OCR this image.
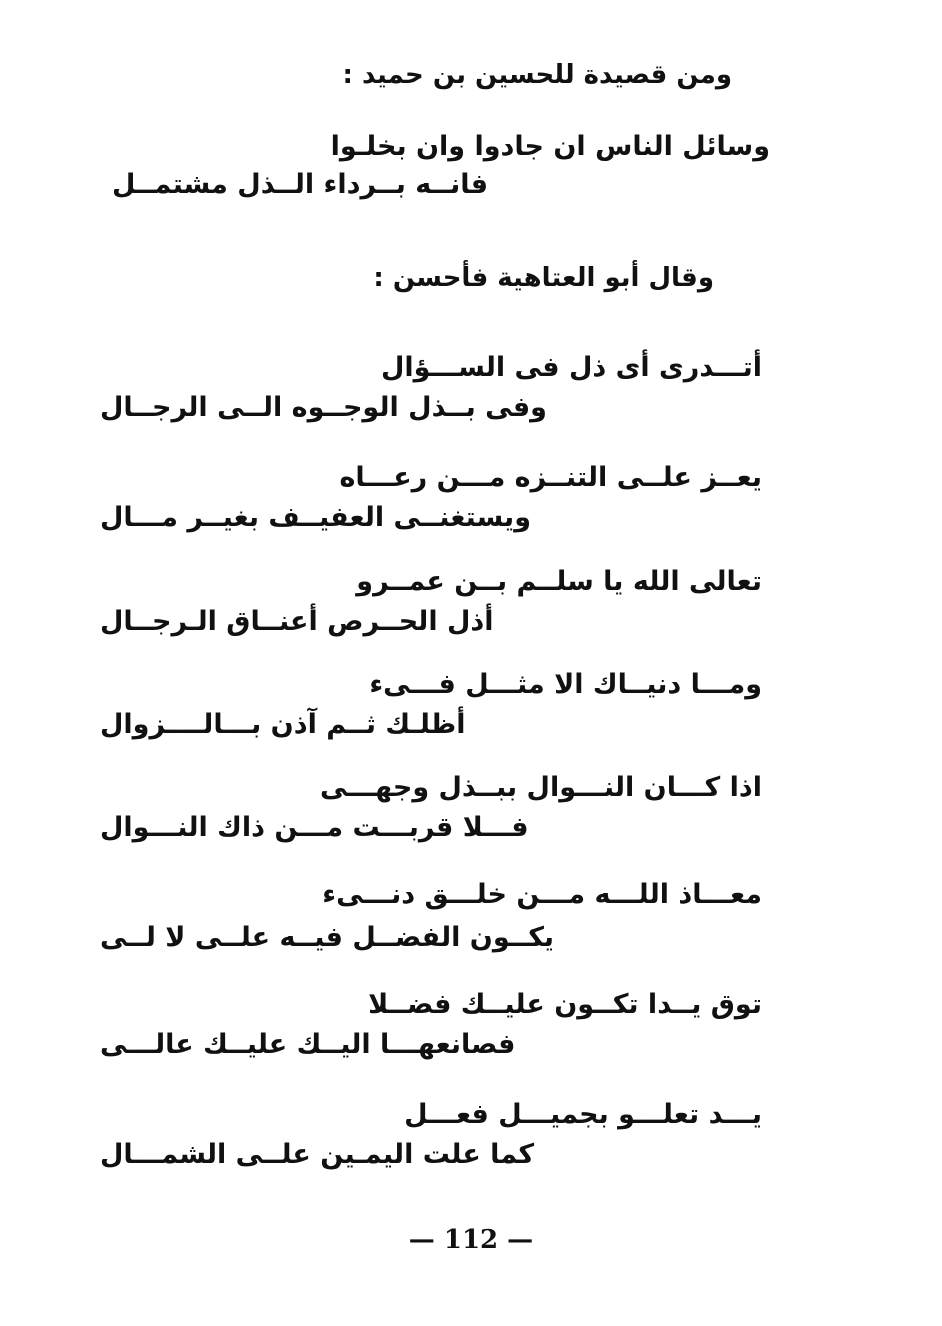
ومن قصيدة للحسين بن حميد :
وسائل الناس ان جادوا وان بخلـوا
فانــه بــرداء الــذل مشتمــل
وقال أبو العتاهية فأحسن :
أتـــدرى أى ذل فى الســـؤال
وفى بــذل الوجــوه الــى الرجــال
يعــز علــى التنــزه مـــن رعـــاه
ويستغنــى العفيــف بغيــر مـــال
تعالى الله يا سلــم بــن عمــرو
أذل الحــرص أعنــاق الـرجــال
ومـــا دنيــاك الا مثـــل فـــىء
أظلـك ثــم آذن بـــالــــزوال
اذا كـــان النـــوال ببــذل وجهـــى
فـــلا قربـــت مـــن ذاك النـــوال
معـــاذ اللـــه مـــن خلـــق دنـــىء
يكــون الفضــل فيــه علــى لا لــى
توق يــدا تكــون عليــك فضــلا
فصانعهـــا اليــك عليــك عالـــى
يـــد تعلـــو بجميـــل فعـــل
كما علت اليمـين علــى الشمـــال
— 112 —
